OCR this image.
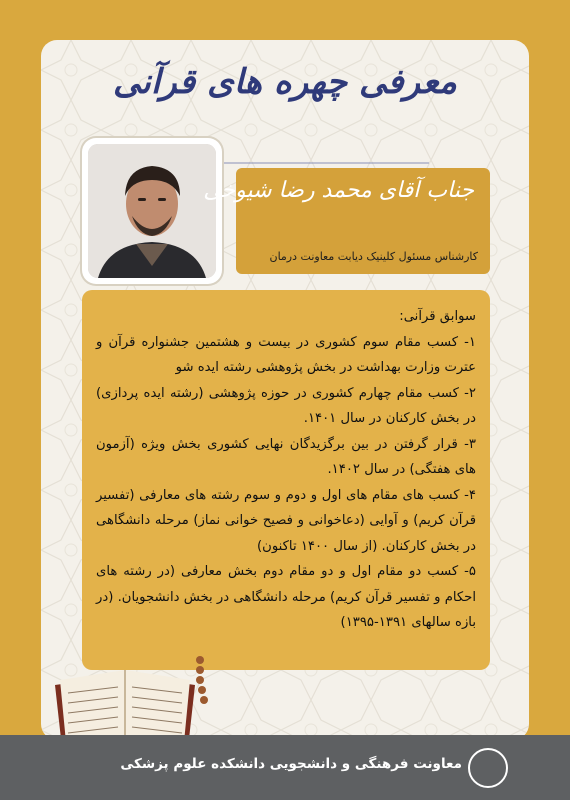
معرفی چهره های قرآنی
جناب آقای محمد رضا شیوخی
کارشناس مسئول کلینیک دیابت معاونت درمان
سوابق قرآنی:

۱- کسب مقام سوم کشوری در بیست و هشتمین جشنواره قرآن و عترت وزارت بهداشت در بخش پژوهشی رشته ایده شو

۲- کسب مقام چهارم کشوری در حوزه پژوهشی (رشته ایده پردازی) در بخش کارکنان در سال ۱۴۰۱.

۳- قرار گرفتن در بین برگزیدگان نهایی کشوری بخش ویژه (آزمون های هفتگی) در سال ۱۴۰۲.

۴- کسب های مقام های اول و دوم و سوم رشته های معارفی (تفسیر قرآن کریم) و آوایی (دعاخوانی و فصیح خوانی نماز) مرحله دانشگاهی در بخش کارکنان. (از سال ۱۴۰۰ تاکنون)

۵- کسب دو مقام اول و دو مقام دوم بخش معارفی (در رشته های احکام و تفسیر قرآن کریم) مرحله دانشگاهی در بخش دانشجویان. (در بازه سالهای ۱۳۹۱-۱۳۹۵)

معاونت فرهنگی و دانشجویی دانشکده علوم پزشکی
